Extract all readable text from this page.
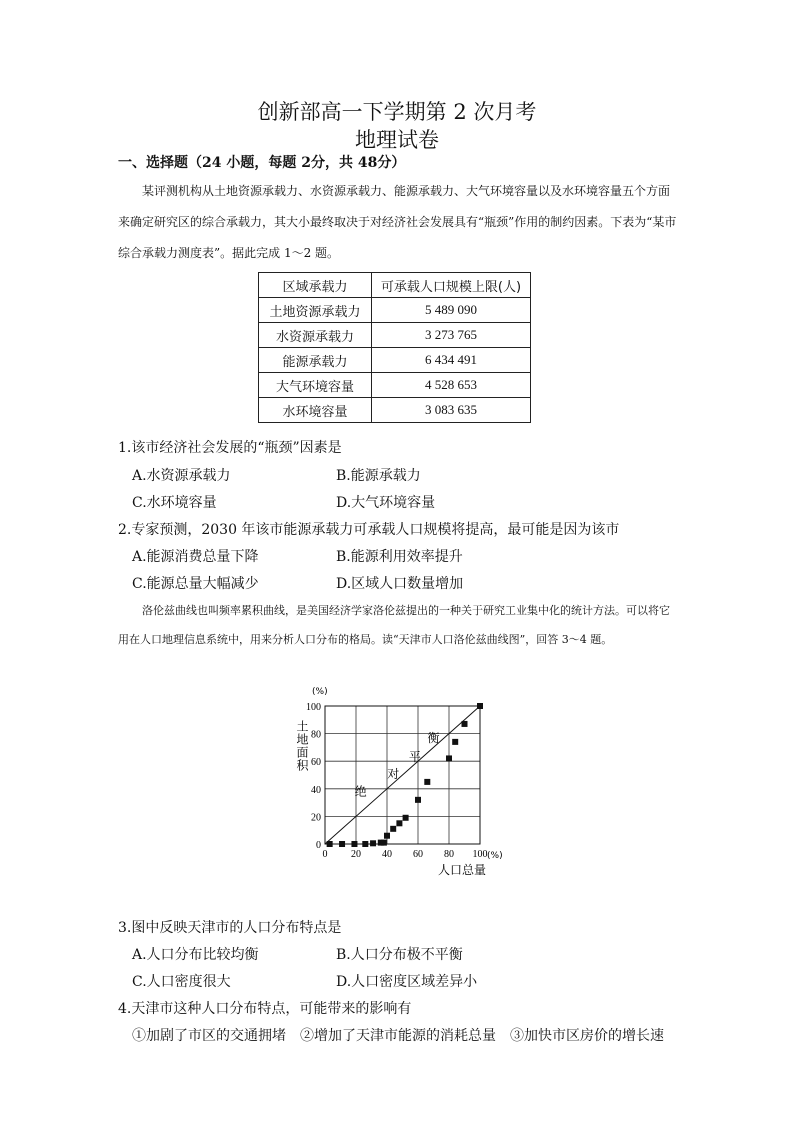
创新部高一下学期第 2 次月考
地理试卷
一、选择题（24 小题，每题 2分，共 48分）
某评测机构从土地资源承载力、水资源承载力、能源承载力、大气环境容量以及水环境容量五个方面来确定研究区的综合承载力，其大小最终取决于对经济社会发展具有“瓶颈”作用的制约因素。下表为“某市综合承载力测度表”。据此完成 1～2 题。
区域承载力	可承载人口规模上限(人)
土地资源承载力	5 489 090
水资源承载力	3 273 765
能源承载力	6 434 491
大气环境容量	4 528 653
水环境容量	3 083 635
1.该市经济社会发展的“瓶颈”因素是
A.水资源承载力	B.能源承载力
C.水环境容量	D.大气环境容量
2.专家预测，2030 年该市能源承载力可承载人口规模将提高，最可能是因为该市
A.能源消费总量下降	B.能源利用效率提升
C.能源总量大幅减少	D.区域人口数量增加
洛伦兹曲线也叫频率累积曲线，是美国经济学家洛伦兹提出的一种关于研究工业集中化的统计方法。可以将它用在人口地理信息系统中，用来分析人口分布的格局。读“天津市人口洛伦兹曲线图”，回答 3～4 题。
0 20 40 60 80 100
0
20
40
60
80
100
绝
对
平
衡
(%)
(%)
土地面积
人口总量
3.图中反映天津市的人口分布特点是
A.人口分布比较均衡	B.人口分布极不平衡
C.人口密度很大	D.人口密度区域差异小
4.天津市这种人口分布特点，可能带来的影响有
①加剧了市区的交通拥堵　②增加了天津市能源的消耗总量　③加快市区房价的增长速
